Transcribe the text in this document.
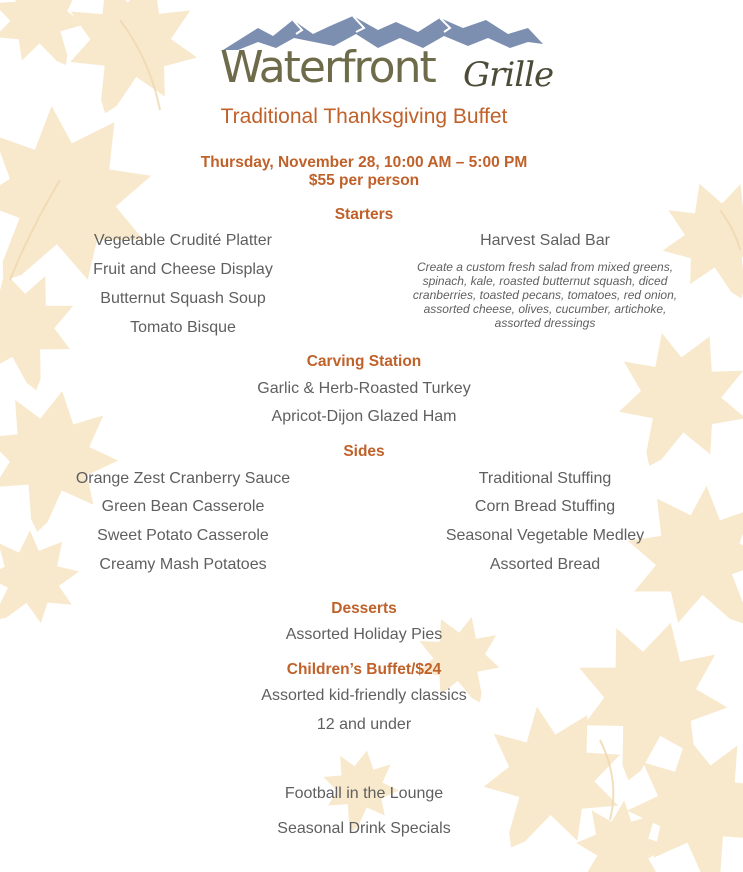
Waterfront Grille
Traditional Thanksgiving Buffet
Thursday, November 28, 10:00 AM – 5:00 PM
$55 per person
Starters
Vegetable Crudité Platter
Fruit and Cheese Display
Butternut Squash Soup
Tomato Bisque
Harvest Salad Bar
Create a custom fresh salad from mixed greens,
spinach, kale, roasted butternut squash, diced
cranberries, toasted pecans, tomatoes, red onion,
assorted cheese, olives, cucumber, artichoke,
assorted dressings
Carving Station
Garlic & Herb-Roasted Turkey
Apricot-Dijon Glazed Ham
Sides
Orange Zest Cranberry Sauce
Green Bean Casserole
Sweet Potato Casserole
Creamy Mash Potatoes
Traditional Stuffing
Corn Bread Stuffing
Seasonal Vegetable Medley
Assorted Bread
Desserts
Assorted Holiday Pies
Children’s Buffet/$24
Assorted kid-friendly classics
12 and under
Football in the Lounge
Seasonal Drink Specials
